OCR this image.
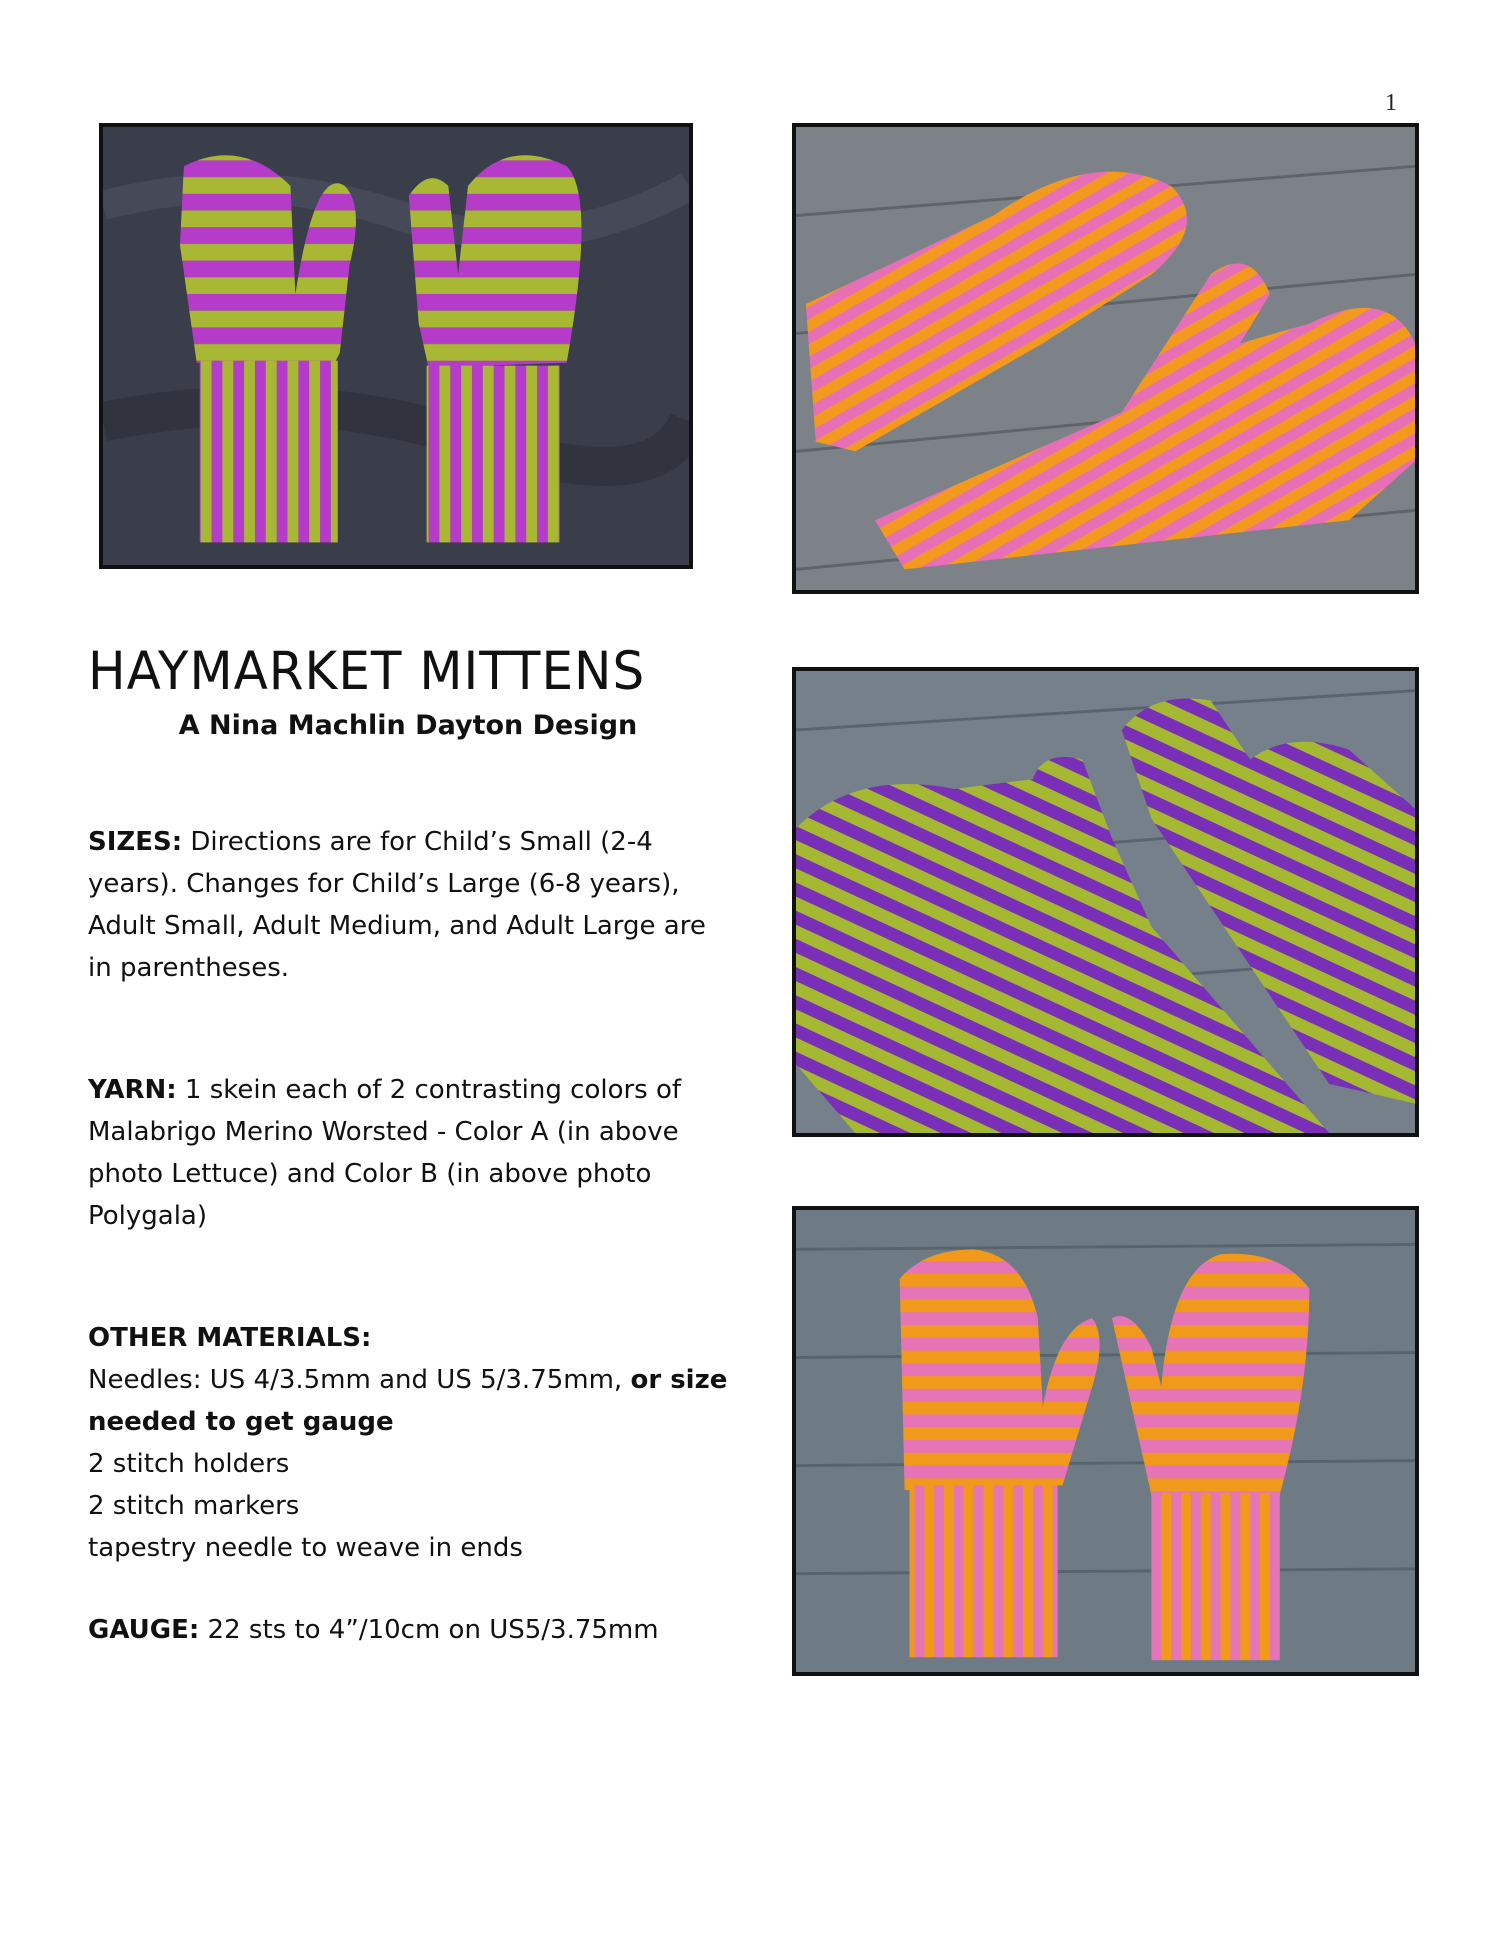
1
HAYMARKET MITTENS
A Nina Machlin Dayton Design
SIZES: Directions are for Child’s Small (2-4 years). Changes for Child’s Large (6-8 years), Adult Small, Adult Medium, and Adult Large are in parentheses.
YARN: 1 skein each of 2 contrasting colors of Malabrigo Merino Worsted - Color A (in above photo Lettuce) and Color B (in above photo Polygala)
OTHER MATERIALS:
Needles: US 4/3.5mm and US 5/3.75mm, or size needed to get gauge
2 stitch holders
2 stitch markers
tapestry needle to weave in ends
GAUGE: 22 sts to 4”/10cm on US5/3.75mm
